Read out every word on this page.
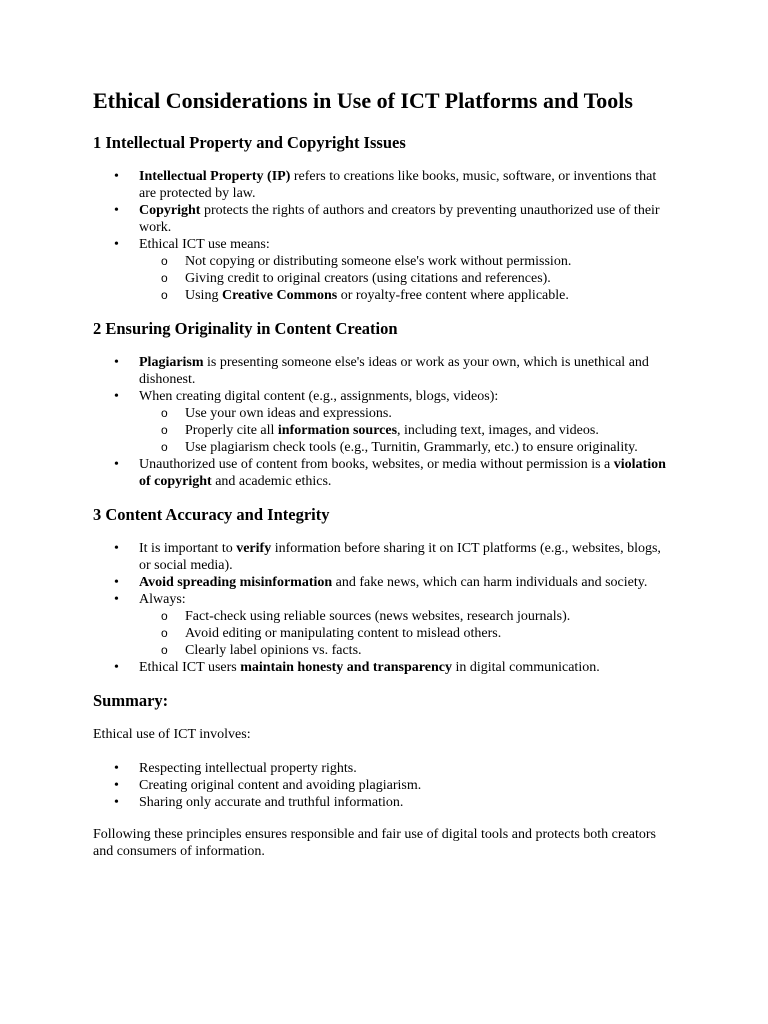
Ethical Considerations in Use of ICT Platforms and Tools
1 Intellectual Property and Copyright Issues
• Intellectual Property (IP) refers to creations like books, music, software, or inventions that are protected by law.
• Copyright protects the rights of authors and creators by preventing unauthorized use of their work.
• Ethical ICT use means:
o Not copying or distributing someone else's work without permission.
o Giving credit to original creators (using citations and references).
o Using Creative Commons or royalty-free content where applicable.
2 Ensuring Originality in Content Creation
• Plagiarism is presenting someone else's ideas or work as your own, which is unethical and dishonest.
• When creating digital content (e.g., assignments, blogs, videos):
o Use your own ideas and expressions.
o Properly cite all information sources, including text, images, and videos.
o Use plagiarism check tools (e.g., Turnitin, Grammarly, etc.) to ensure originality.
• Unauthorized use of content from books, websites, or media without permission is a violation of copyright and academic ethics.
3 Content Accuracy and Integrity
• It is important to verify information before sharing it on ICT platforms (e.g., websites, blogs, or social media).
• Avoid spreading misinformation and fake news, which can harm individuals and society.
• Always:
o Fact-check using reliable sources (news websites, research journals).
o Avoid editing or manipulating content to mislead others.
o Clearly label opinions vs. facts.
• Ethical ICT users maintain honesty and transparency in digital communication.
Summary:

Ethical use of ICT involves:

• Respecting intellectual property rights.
• Creating original content and avoiding plagiarism.
• Sharing only accurate and truthful information.

Following these principles ensures responsible and fair use of digital tools and protects both creators and consumers of information.
